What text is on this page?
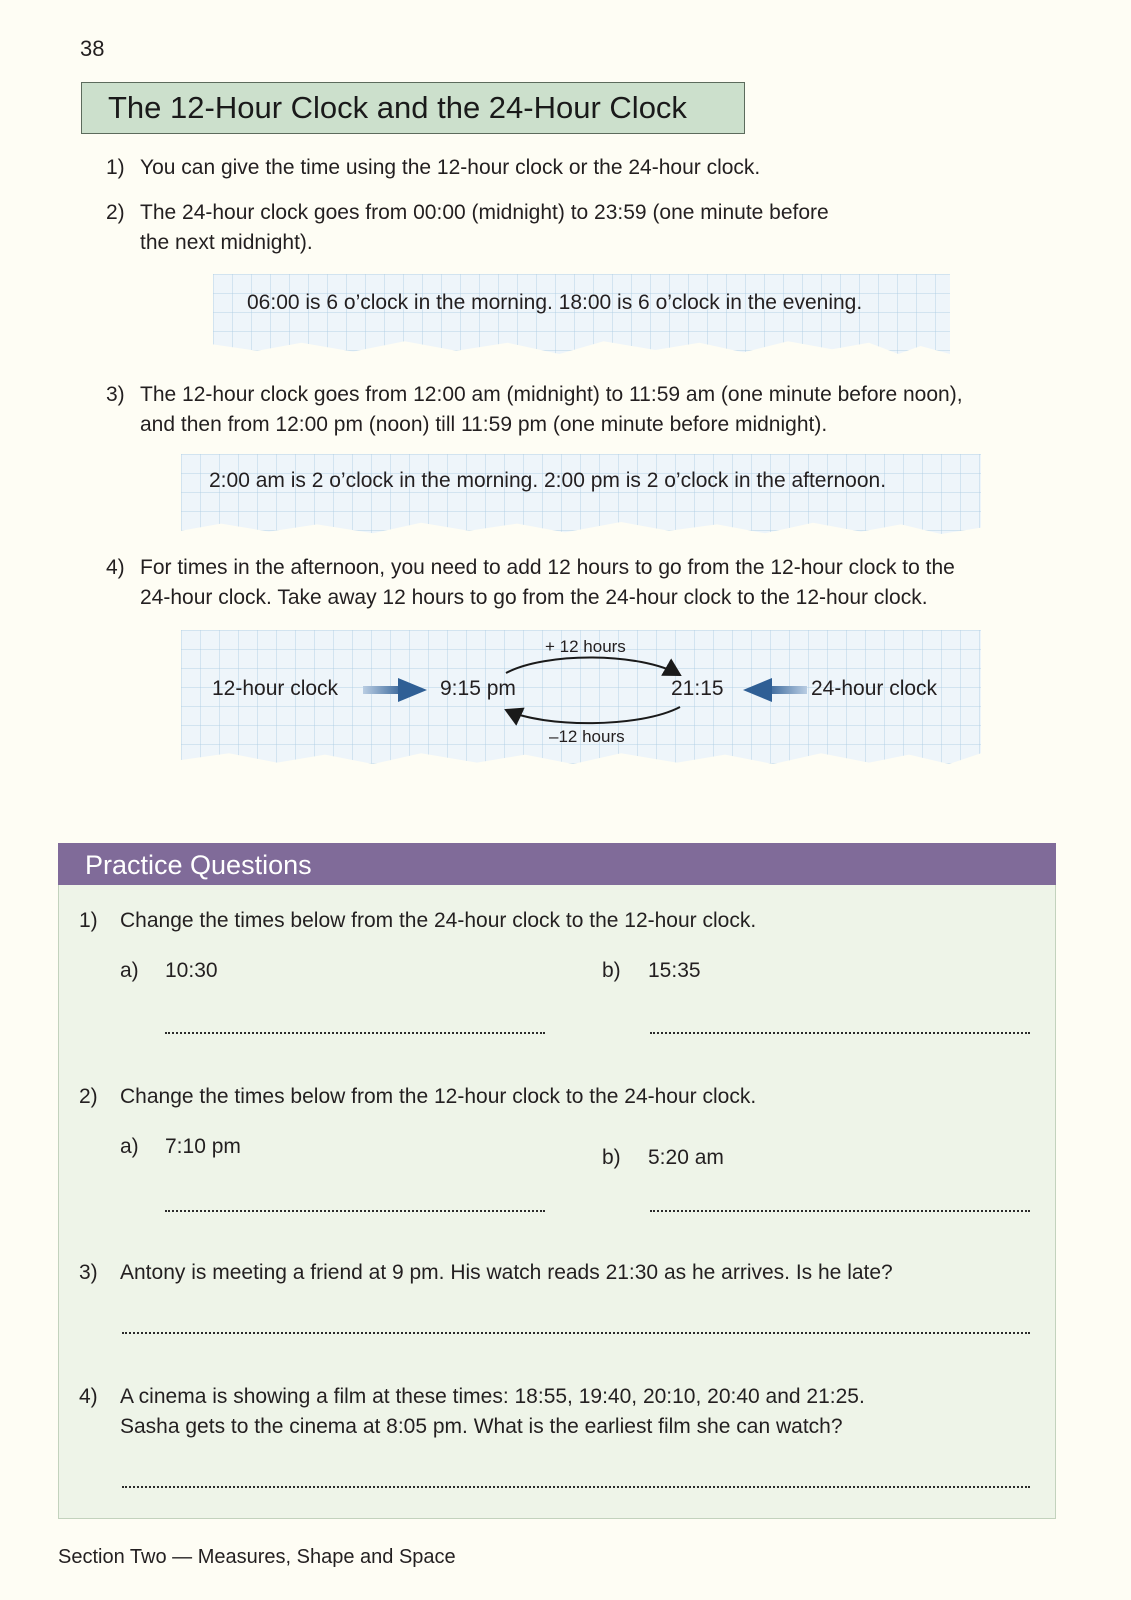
38
The 12-Hour Clock and the 24-Hour Clock
1) You can give the time using the 12-hour clock or the 24-hour clock.
2) The 24-hour clock goes from 00:00 (midnight) to 23:59 (one minute before
the next midnight).
06:00 is 6 o’clock in the morning. 18:00 is 6 o’clock in the evening.
3) The 12-hour clock goes from 12:00 am (midnight) to 11:59 am (one minute before noon),
and then from 12:00 pm (noon) till 11:59 pm (one minute before midnight).
2:00 am is 2 o’clock in the morning. 2:00 pm is 2 o’clock in the afternoon.
4) For times in the afternoon, you need to add 12 hours to go from the 12-hour clock to the
24-hour clock. Take away 12 hours to go from the 24-hour clock to the 12-hour clock.
12-hour clock	9:15 pm
+ 12 hours
–12 hours
21:15	24-hour clock
Practice Questions
1)	Change the times below from the 24-hour clock to the 12-hour clock.
a) 10:30	b) 15:35
2)	Change the times below from the 12-hour clock to the 24-hour clock.
a) 7:10 pm	b) 5:20 am
3)	Antony is meeting a friend at 9 pm. His watch reads 21:30 as he arrives. Is he late?
4)	A cinema is showing a film at these times: 18:55, 19:40, 20:10, 20:40 and 21:25.
Sasha gets to the cinema at 8:05 pm. What is the earliest film she can watch?
Section Two — Measures, Shape and Space
